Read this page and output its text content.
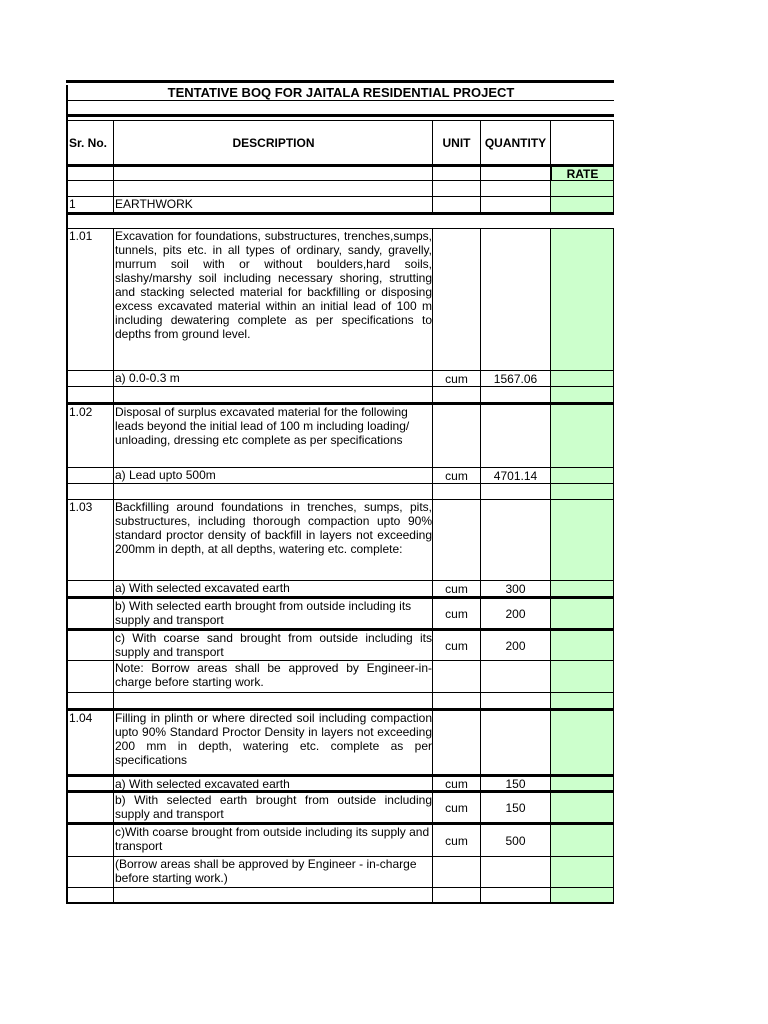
TENTATIVE BOQ FOR JAITALA RESIDENTIAL PROJECT
Sr. No.	DESCRIPTION	UNIT	QUANTITY
RATE
1	EARTHWORK
1.01	Excavation for foundations, substructures, trenches,sumps, tunnels, pits etc. in all types of ordinary, sandy, gravelly, murrum soil with or without boulders,hard soils, slashy/marshy soil including necessary shoring, strutting and stacking selected material for backfilling or disposing excess excavated material within an initial lead of 100 m including dewatering complete as per specifications to depths from ground level.
a) 0.0-0.3 m	cum	1567.06
1.02	Disposal of surplus excavated material for the following leads beyond the initial lead of 100 m including loading/ unloading, dressing etc complete as per specifications
a) Lead upto 500m	cum	4701.14
1.03	Backfilling around foundations in trenches, sumps, pits, substructures, including thorough compaction upto 90% standard proctor density of backfill in layers not exceeding 200mm in depth, at all depths, watering etc. complete:
a) With selected excavated earth	cum	300
b) With selected earth brought from outside including its supply and transport	cum	200
c) With coarse sand brought from outside including its supply and transport	cum	200
Note: Borrow areas shall be approved by Engineer-in-charge before starting work.
1.04	Filling in plinth or where directed soil including compaction upto 90% Standard Proctor Density in layers not exceeding 200 mm in depth, watering etc. complete as per specifications
a) With selected excavated earth	cum	150
b) With selected earth brought from outside including supply and transport	cum	150
c)With coarse brought from outside including its supply and transport	cum	500
(Borrow areas shall be approved by Engineer - in-charge before starting work.)
